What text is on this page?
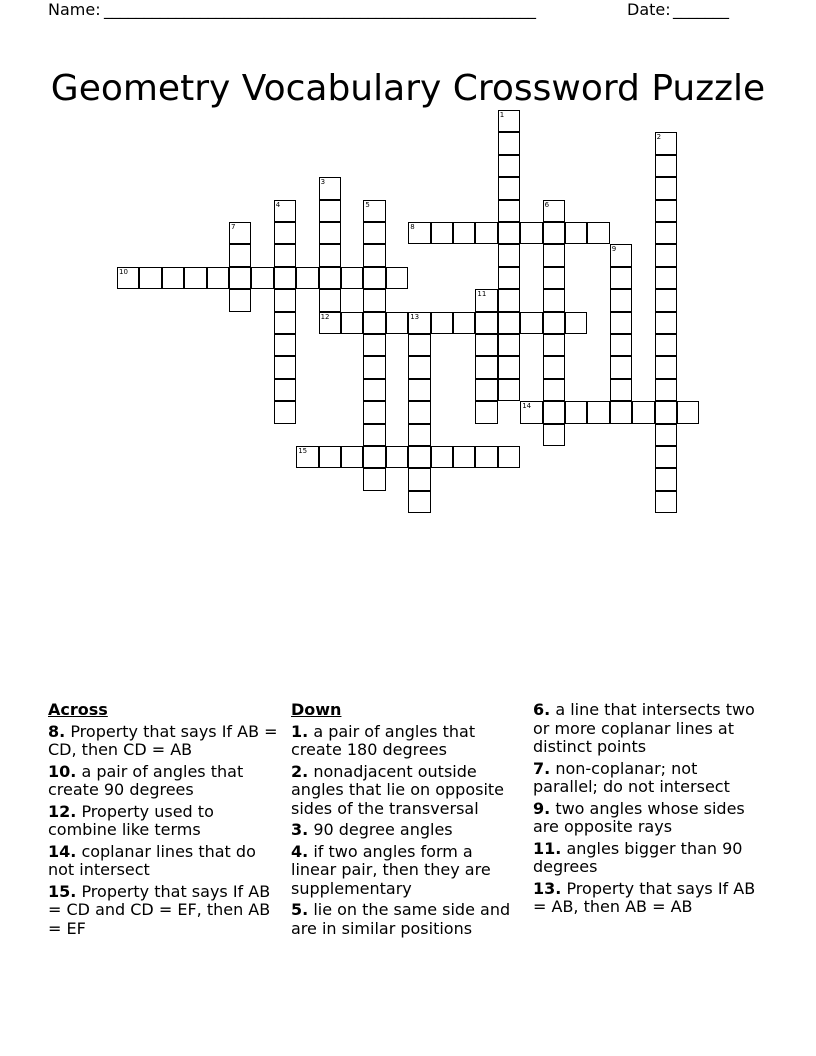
Name: ______________________________________________________	Date: _______
Geometry Vocabulary Crossword Puzzle
1
2
3
4	5	6
7	8
9
10
11
12	13
14
15
Across
8. Property that says If AB = CD, then CD = AB
10. a pair of angles that create 90 degrees
12. Property used to combine like terms
14. coplanar lines that do not intersect
15. Property that says If AB = CD and CD = EF, then AB = EF
Down
1. a pair of angles that create 180 degrees
2. nonadjacent outside angles that lie on opposite sides of the transversal
3. 90 degree angles
4. if two angles form a linear pair, then they are supplementary
5. lie on the same side and are in similar positions
6. a line that intersects two or more coplanar lines at distinct points
7. non-coplanar; not parallel; do not intersect
9. two angles whose sides are opposite rays
11. angles bigger than 90 degrees
13. Property that says If AB = AB, then AB = AB
